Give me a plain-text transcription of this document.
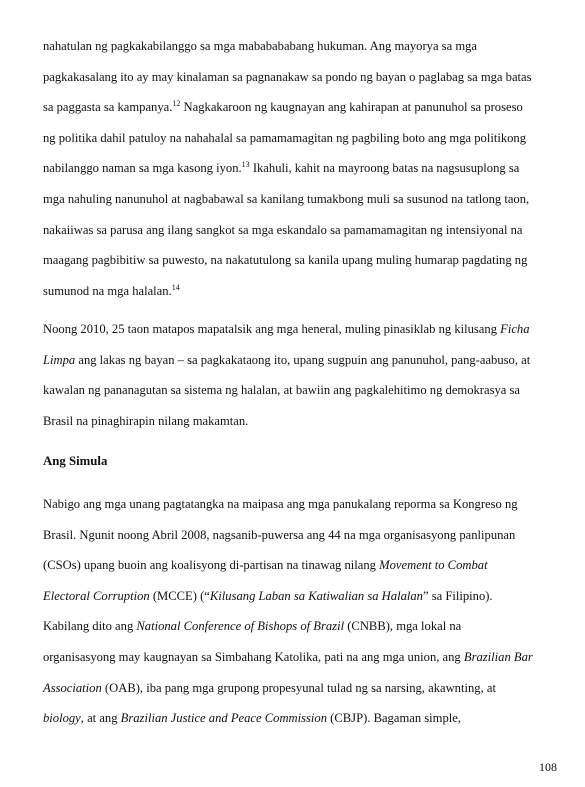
nahatulan ng pagkakabilanggo sa mga mababababang hukuman. Ang mayorya sa mga
pagkakasalang ito ay may kinalaman sa pagnanakaw sa pondo ng bayan o paglabag sa mga batas
sa paggasta sa kampanya.$^{12}$ Nagkakaroon ng kaugnayan ang kahirapan at panunuhol sa proseso
ng politika dahil patuloy na nahahalal sa pamamamagitan ng pagbiling boto ang mga politikong
nabilanggo naman sa mga kasong iyon.$^{13}$ Ikahuli, kahit na mayroong batas na nagsusuplong sa
mga nahuling nanunuhol at nagbabawal sa kanilang tumakbong muli sa susunod na tatlong taon,
nakaiiwas sa parusa ang ilang sangkot sa mga eskandalo sa pamamamagitan ng intensiyonal na
maagang pagbibitiw sa puwesto, na nakatutulong sa kanila upang muling humarap pagdating ng
sumunod na mga halalan.$^{14}$

Noong 2010, 25 taon matapos mapatalsik ang mga heneral, muling pinasiklab ng kilusang Ficha
Limpa ang lakas ng bayan – sa pagkakataong ito, upang sugpuin ang panunuhol, pang-aabuso, at
kawalan ng pananagutan sa sistema ng halalan, at bawiin ang pagkalehitimo ng demokrasya sa
Brasil na pinaghirapin nilang makamtan.

Ang Simula

Nabigo ang mga unang pagtatangka na maipasa ang mga panukalang reporma sa Kongreso ng
Brasil. Ngunit noong Abril 2008, nagsanib-puwersa ang 44 na mga organisasyong panlipunan
(CSOs) upang buoin ang koalisyong di-partisan na tinawag nilang Movement to Combat
Electoral Corruption (MCCE) (“Kilusang Laban sa Katiwalian sa Halalan” sa Filipino).
Kabilang dito ang National Conference of Bishops of Brazil (CNBB), mga lokal na
organisasyong may kaugnayan sa Simbahang Katolika, pati na ang mga union, ang Brazilian Bar
Association (OAB), iba pang mga grupong propesyunal tulad ng sa narsing, akawnting, at
biology, at ang Brazilian Justice and Peace Commission (CBJP). Bagaman simple,

108
